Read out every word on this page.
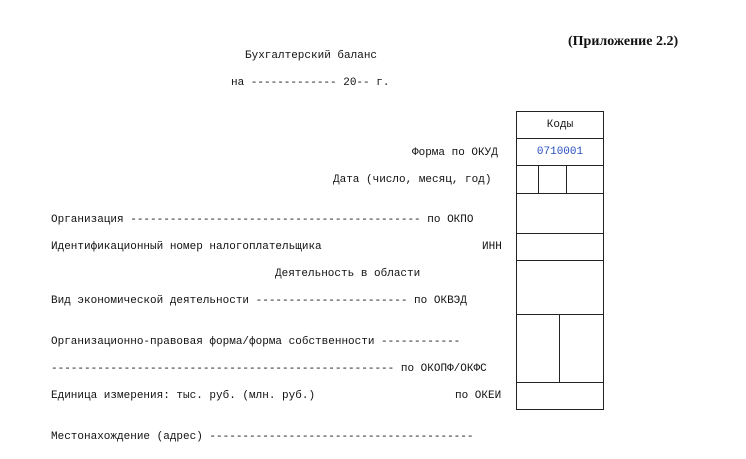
(Приложение 2.2)
Бухгалтерский баланс
на ------------- 20-- г.
Форма по ОКУД
Дата (число, месяц, год)
Организация -------------------------------------------- по ОКПО
Идентификационный номер налогоплательщика	ИНН
Деятельность в области
Вид экономической деятельности ----------------------- по ОКВЭД
Организационно-правовая форма/форма собственности ------------
---------------------------------------------------- по ОКОПФ/ОКФС
Единица измерения: тыс. руб. (млн. руб.)	по ОКЕИ
Местонахождение (адрес) ----------------------------------------
Коды
0710001
